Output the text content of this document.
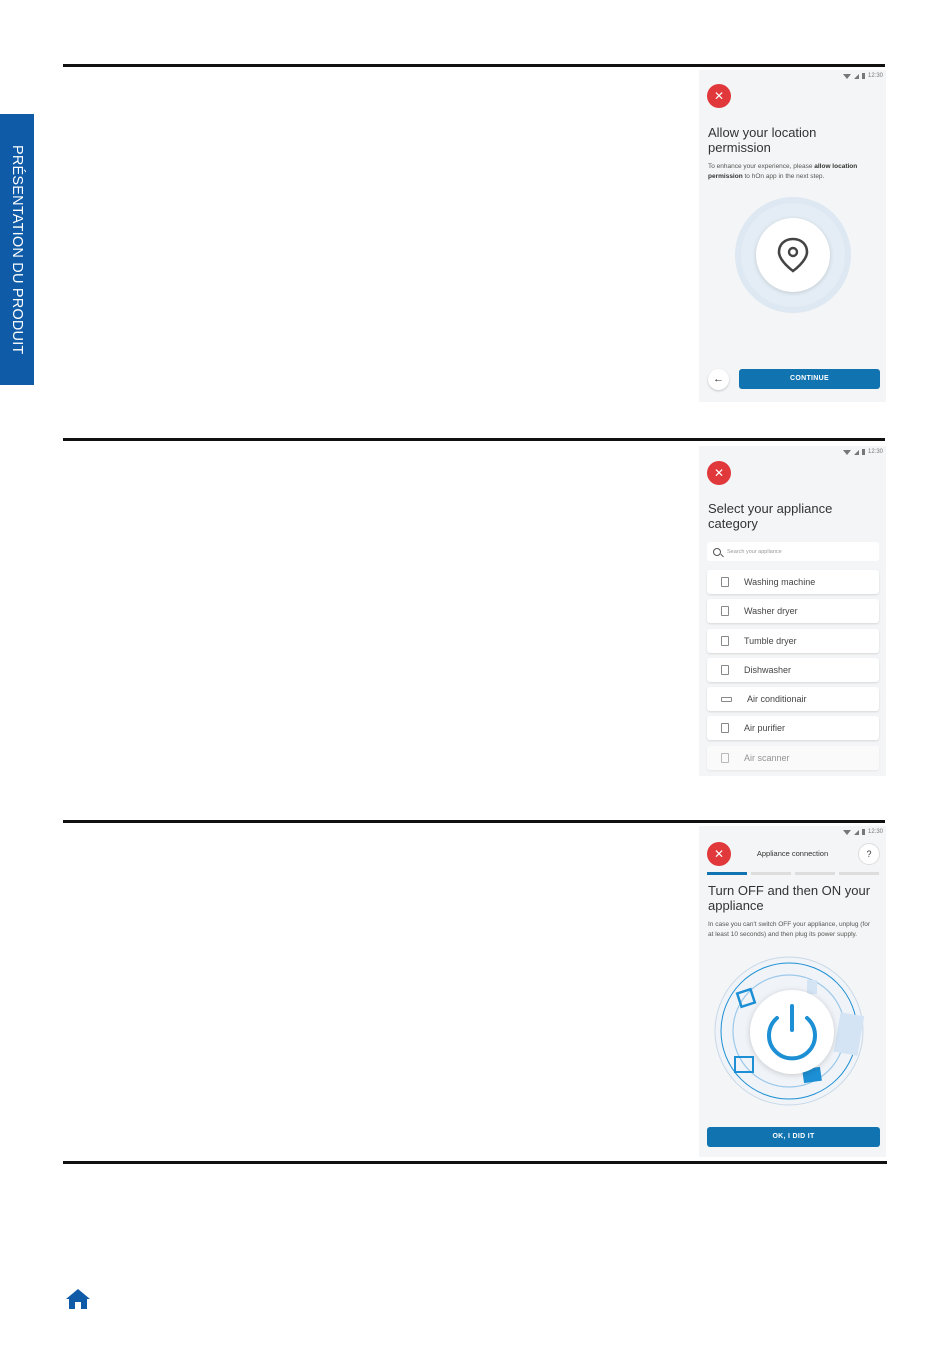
PRÉSENTATION DU PRODUIT
12:30
✕
Allow your location permission
To enhance your experience, please allow location permission to hOn app in the next step.
←	CONTINUE
12:30
✕
Select your appliance category
Search your appliance
Washing machine
Washer dryer
Tumble dryer
Dishwasher
Air conditionair
Air purifier
Air scanner
12:30
✕	Appliance connection	?
Turn OFF and then ON your appliance
In case you can't switch OFF your appliance, unplug (for at least 10 seconds) and then plug its power supply.
OK, I DID IT
